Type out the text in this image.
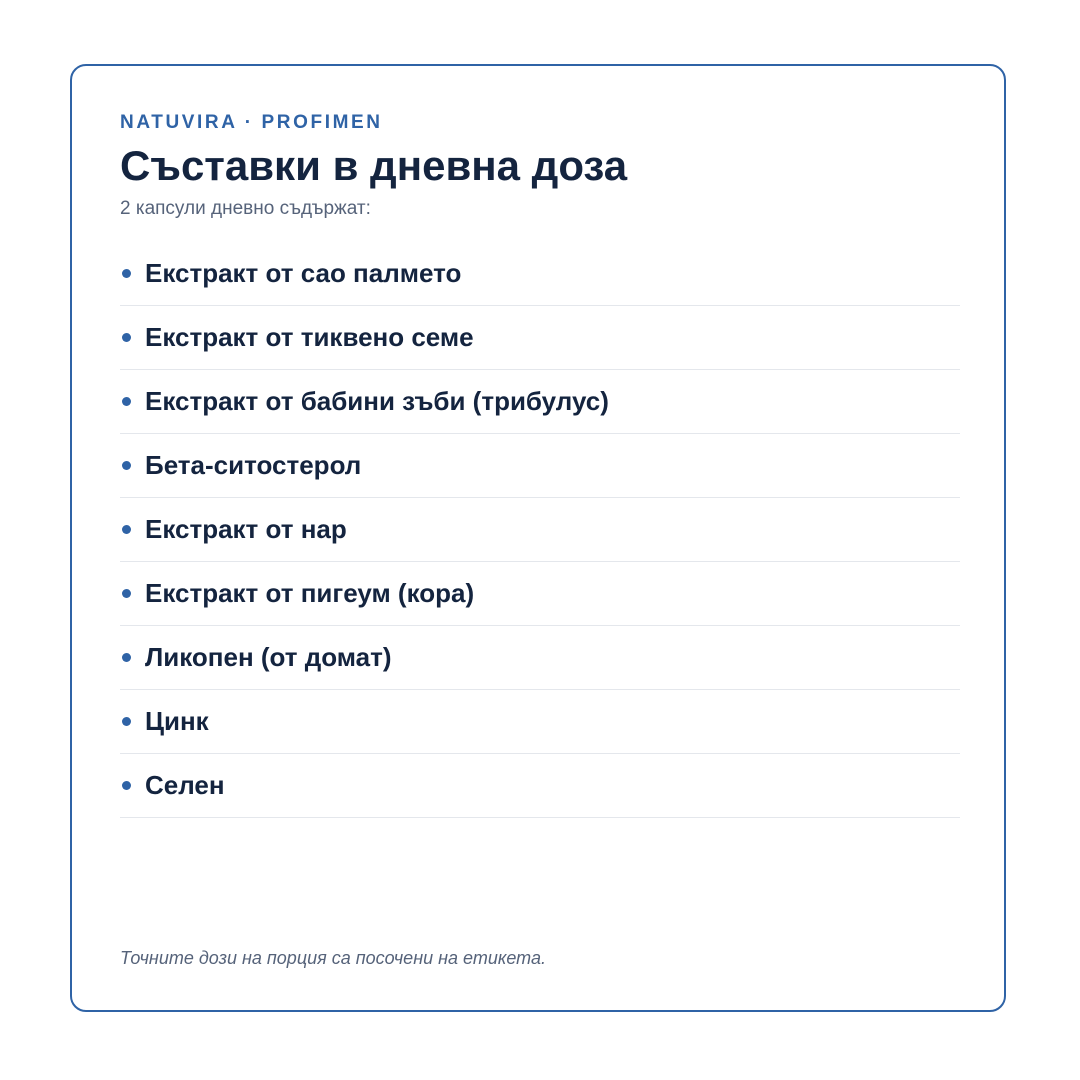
NATUVIRA · PROFIMEN
Съставки в дневна доза
2 капсули дневно съдържат:
Екстракт от сао палмето
Екстракт от тиквено семе
Екстракт от бабини зъби (трибулус)
Бета-ситостерол
Екстракт от нар
Екстракт от пигеум (кора)
Ликопен (от домат)
Цинк
Селен
Точните дози на порция са посочени на етикета.
